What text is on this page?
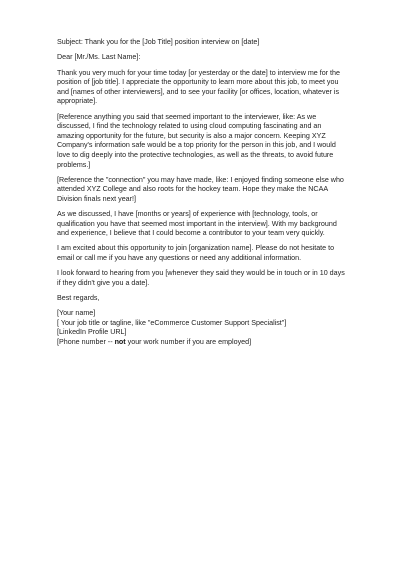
Subject: Thank you for the [Job Title] position interview on [date]

Dear [Mr./Ms. Last Name]:

Thank you very much for your time today [or yesterday or the date] to interview me for the position of [job title]. I appreciate the opportunity to learn more about this job, to meet you and [names of other interviewers], and to see your facility [or offices, location, whatever is appropriate].

[Reference anything you said that seemed important to the interviewer, like: As we discussed, I find the technology related to using cloud computing fascinating and an amazing opportunity for the future, but security is also a major concern. Keeping XYZ Company's information safe would be a top priority for the person in this job, and I would love to dig deeply into the protective technologies, as well as the threats, to avoid future problems.]

[Reference the "connection" you may have made, like: I enjoyed finding someone else who attended XYZ College and also roots for the hockey team. Hope they make the NCAA Division finals next year!]

As we discussed, I have [months or years] of experience with [technology, tools, or qualification you have that seemed most important in the interview]. With my background and experience, I believe that I could become a contributor to your team very quickly.

I am excited about this opportunity to join [organization name]. Please do not hesitate to email or call me if you have any questions or need any additional information.

I look forward to hearing from you [whenever they said they would be in touch or in 10 days if they didn't give you a date].

Best regards,

[Your name]
[ Your job title or tagline, like "eCommerce Customer Support Specialist"]
[LinkedIn Profile URL]
[Phone number -- not your work number if you are employed]
